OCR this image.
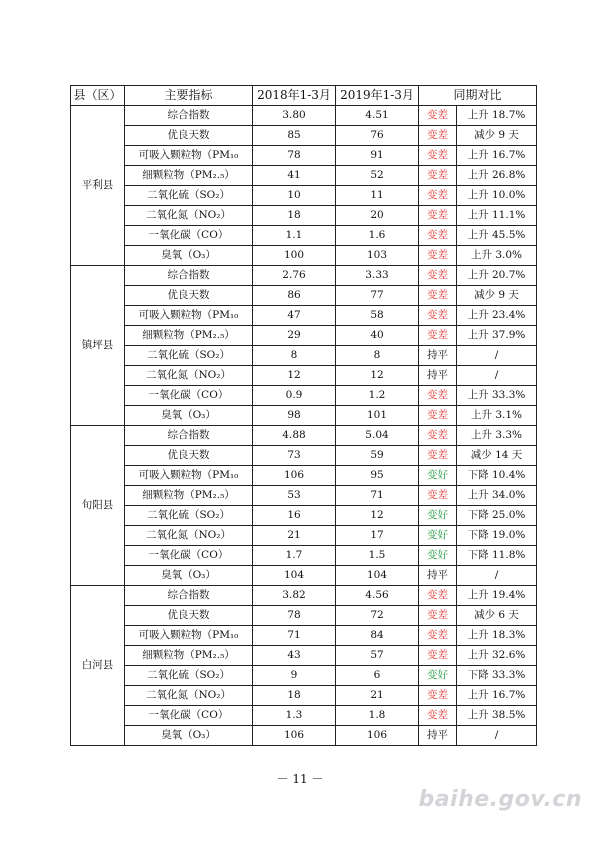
县（区）	主要指标	2018年1-3月	2019年1-3月	同期对比	
平利县	综合指数	3.80	4.51	变差	上升 18.7%
	优良天数	85	76	变差	减少 9 天
	可吸入颗粒物（PM₁₀	78	91	变差	上升 16.7%
	细颗粒物（PM₂.₅）	41	52	变差	上升 26.8%
	二氧化硫（SO₂）	10	11	变差	上升 10.0%
	二氧化氮（NO₂）	18	20	变差	上升 11.1%
	一氧化碳（CO）	1.1	1.6	变差	上升 45.5%
	臭氧（O₃）	100	103	变差	上升 3.0%
镇坪县	综合指数	2.76	3.33	变差	上升 20.7%
	优良天数	86	77	变差	减少 9 天
	可吸入颗粒物（PM₁₀	47	58	变差	上升 23.4%
	细颗粒物（PM₂.₅）	29	40	变差	上升 37.9%
	二氧化硫（SO₂）	8	8	持平	/
	二氧化氮（NO₂）	12	12	持平	/
	一氧化碳（CO）	0.9	1.2	变差	上升 33.3%
	臭氧（O₃）	98	101	变差	上升 3.1%
旬阳县	综合指数	4.88	5.04	变差	上升 3.3%
	优良天数	73	59	变差	减少 14 天
	可吸入颗粒物（PM₁₀	106	95	变好	下降 10.4%
	细颗粒物（PM₂.₅）	53	71	变差	上升 34.0%
	二氧化硫（SO₂）	16	12	变好	下降 25.0%
	二氧化氮（NO₂）	21	17	变好	下降 19.0%
	一氧化碳（CO）	1.7	1.5	变好	下降 11.8%
	臭氧（O₃）	104	104	持平	/
白河县	综合指数	3.82	4.56	变差	上升 19.4%
	优良天数	78	72	变差	减少 6 天
	可吸入颗粒物（PM₁₀	71	84	变差	上升 18.3%
	细颗粒物（PM₂.₅）	43	57	变差	上升 32.6%
	二氧化硫（SO₂）	9	6	变好	下降 33.3%
	二氧化氮（NO₂）	18	21	变差	上升 16.7%
	一氧化碳（CO）	1.3	1.8	变差	上升 38.5%
	臭氧（O₃）	106	106	持平	/
－ 11 －
baihe.gov.cn
